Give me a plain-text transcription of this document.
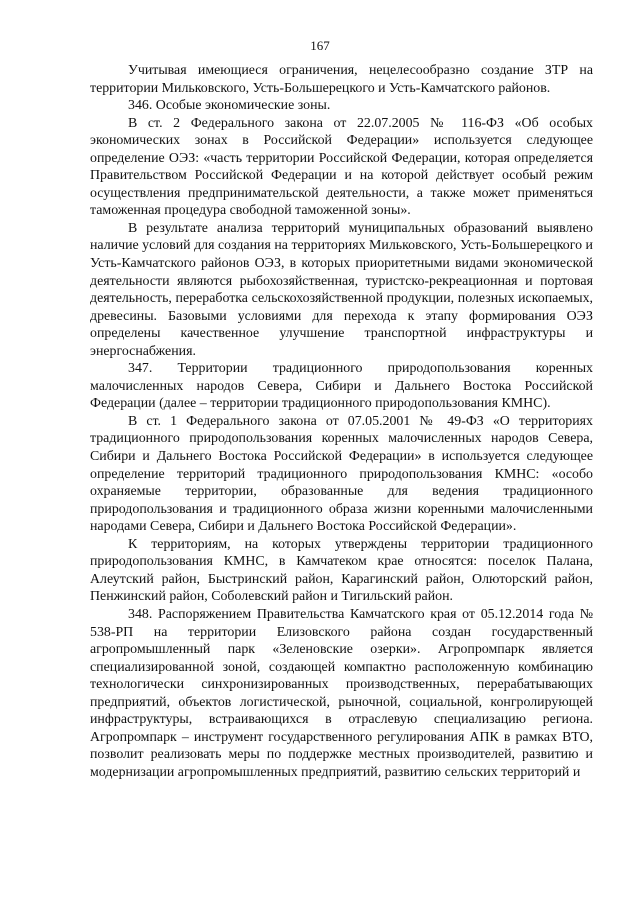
167

Учитывая имеющиеся ограничения, нецелесообразно создание ЗТР на территории Мильковского, Усть-Большерецкого и Усть-Камчатского районов.

346. Особые экономические зоны.

В ст. 2 Федерального закона от 22.07.2005 № 116-ФЗ «Об особых экономических зонах в Российской Федерации» используется следующее определение ОЭЗ: «часть территории Российской Федерации, которая определяется Правительством Российской Федерации и на которой действует особый режим осуществления предпринимательской деятельности, а также может применяться таможенная процедура свободной таможенной зоны».

В результате анализа территорий муниципальных образований выявлено наличие условий для создания на территориях Мильковского, Усть-Большерецкого и Усть-Камчатского районов ОЭЗ, в которых приоритетными видами экономической деятельности являются рыбохозяйственная, туристско-рекреационная и портовая деятельность, переработка сельскохозяйственной продукции, полезных ископаемых, древесины. Базовыми условиями для перехода к этапу формирования ОЭЗ определены качественное улучшение транспортной инфраструктуры и энергоснабжения.

347. Территории традиционного природопользования коренных малочисленных народов Севера, Сибири и Дальнего Востока Российской Федерации (далее – территории традиционного природопользования КМНС).

В ст. 1 Федерального закона от 07.05.2001 № 49-ФЗ «О территориях традиционного природопользования коренных малочисленных народов Севера, Сибири и Дальнего Востока Российской Федерации» в используется следующее определение территорий традиционного природопользования КМНС: «особо охраняемые территории, образованные для ведения традиционного природопользования и традиционного образа жизни коренными малочисленными народами Севера, Сибири и Дальнего Востока Российской Федерации».

К территориям, на которых утверждены территории традиционного природопользования КМНС, в Камчатеком крае относятся: поселок Палана, Алеутский район, Быстринский район, Карагинский район, Олюторский район, Пенжинский район, Соболевский район и Тигильский район.

348. Распоряжением Правительства Камчатского края от 05.12.2014 года № 538-РП на территории Елизовского района создан государственный агропромышленный парк «Зеленовские озерки». Агропромпарк является специализированной зоной, создающей компактно расположенную комбинацию технологически синхронизированных производственных, перерабатывающих предприятий, объектов логистической, рыночной, социальной, конгролирующей инфраструктуры, встраивающихся в отраслевую специализацию региона. Агропромпарк – инструмент государственного регулирования АПК в рамках ВТО, позволит реализовать меры по поддержке местных производителей, развитию и модернизации агропромышленных предприятий, развитию сельских территорий и
